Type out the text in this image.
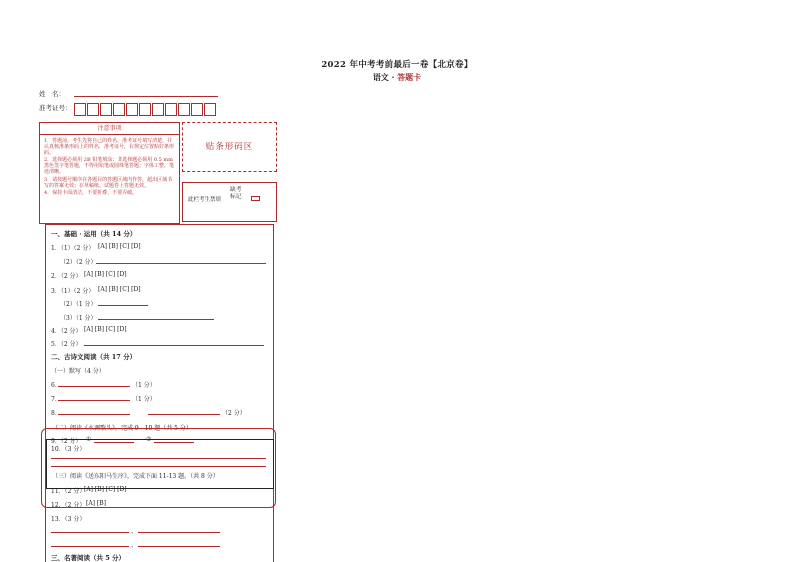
2022 年中考考前最后一卷【北京卷】
语文 · 答题卡
姓　名：
准考证号：
注意事项
1．答题前，考生先将自己的姓名、准考证号填写清楚，并认真核准条形码上的姓名、准考证号，在规定位置贴好条形码。
2．选择题必须用 2B 铅笔填涂；非选择题必须用 0.5 mm 黑色签字笔答题，不得用铅笔或圆珠笔答题；字体工整、笔迹清晰。
3．请按题号顺序在各题目的答题区域内作答，超出区域书写的答案无效；在草稿纸、试题卷上答题无效。
4．保持卡面清洁，不要折叠、不要弄破。
贴条形码区
此栏考生禁填
缺考
标记
一、基础 · 运用（共 14 分）
1．（1）（2 分） [A] [B] [C] [D]
（2）（2 分）
2．（2 分） [A] [B] [C] [D]
3．（1）（2 分） [A] [B] [C] [D]
（2）（1 分）
（3）（1 分）
4．（2 分） [A] [B] [C] [D]
5．（2 分）
二、古诗文阅读（共 17 分）
（一）默写（4 分）
6．	（1 分）
7．	（1 分）
8．	（2 分）
（二）阅读《水调歌头》，完成 9—10 题（共 5 分）
9．（2 分） ①	②
10．（3 分）
（三）阅读《送东阳马生序》，完成下面 11-13 题。（共 8 分）
11．（2 分）
[A] [B] [C] [D]
12．（2 分） [A] [B]
13．（3 分）
、
、
三、名著阅读（共 5 分）
